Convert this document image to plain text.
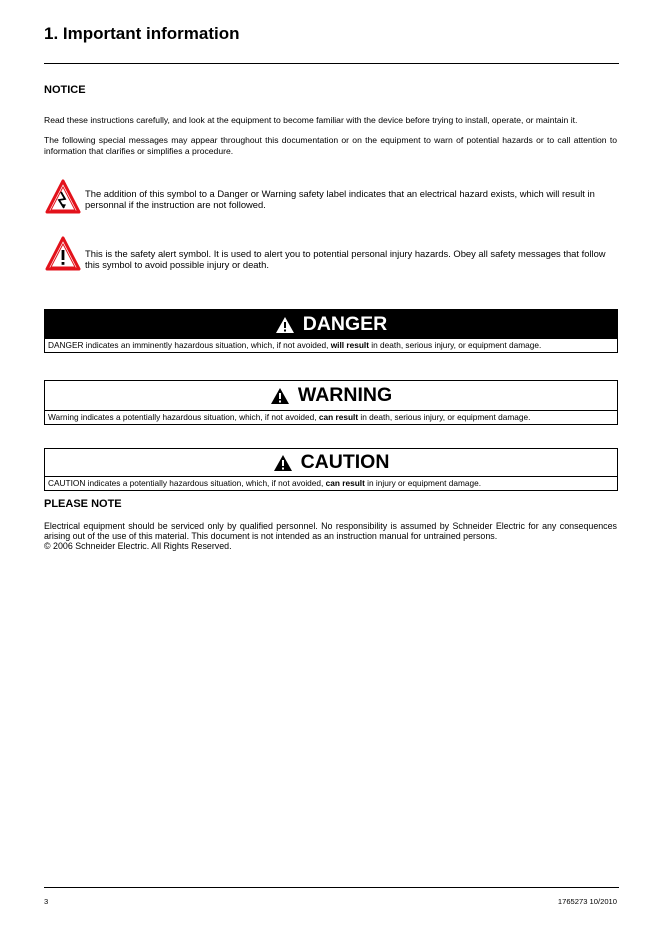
1. Important information
NOTICE

Read these instructions carefully, and look at the equipment to become familiar with the device before trying to install, operate, or maintain it.

The following special messages may appear throughout this documentation or on the equipment to warn of potential hazards or to call attention to information that clarifies or simplifies a procedure.

The addition of this symbol to a Danger or Warning safety label indicates that an electrical hazard exists, which will result in personnal if the instruction are not followed.

This is the safety alert symbol. It is used to alert you to potential personal injury hazards. Obey all safety messages that follow this symbol to avoid possible injury or death.

DANGER
DANGER indicates an imminently hazardous situation, which, if not avoided, will result in death, serious injury, or equipment damage.
WARNING
Warning indicates a potentially hazardous situation, which, if not avoided, can result in death, serious injury, or equipment damage.
CAUTION
CAUTION indicates a potentially hazardous situation, which, if not avoided, can result in injury or equipment damage.
PLEASE NOTE

Electrical equipment should be serviced only by qualified personnel. No responsibility is assumed by Schneider Electric for any consequences arising out of the use of this material. This document is not intended as an instruction manual for untrained persons.

© 2006 Schneider Electric. All Rights Reserved.

3	1765273 10/2010
